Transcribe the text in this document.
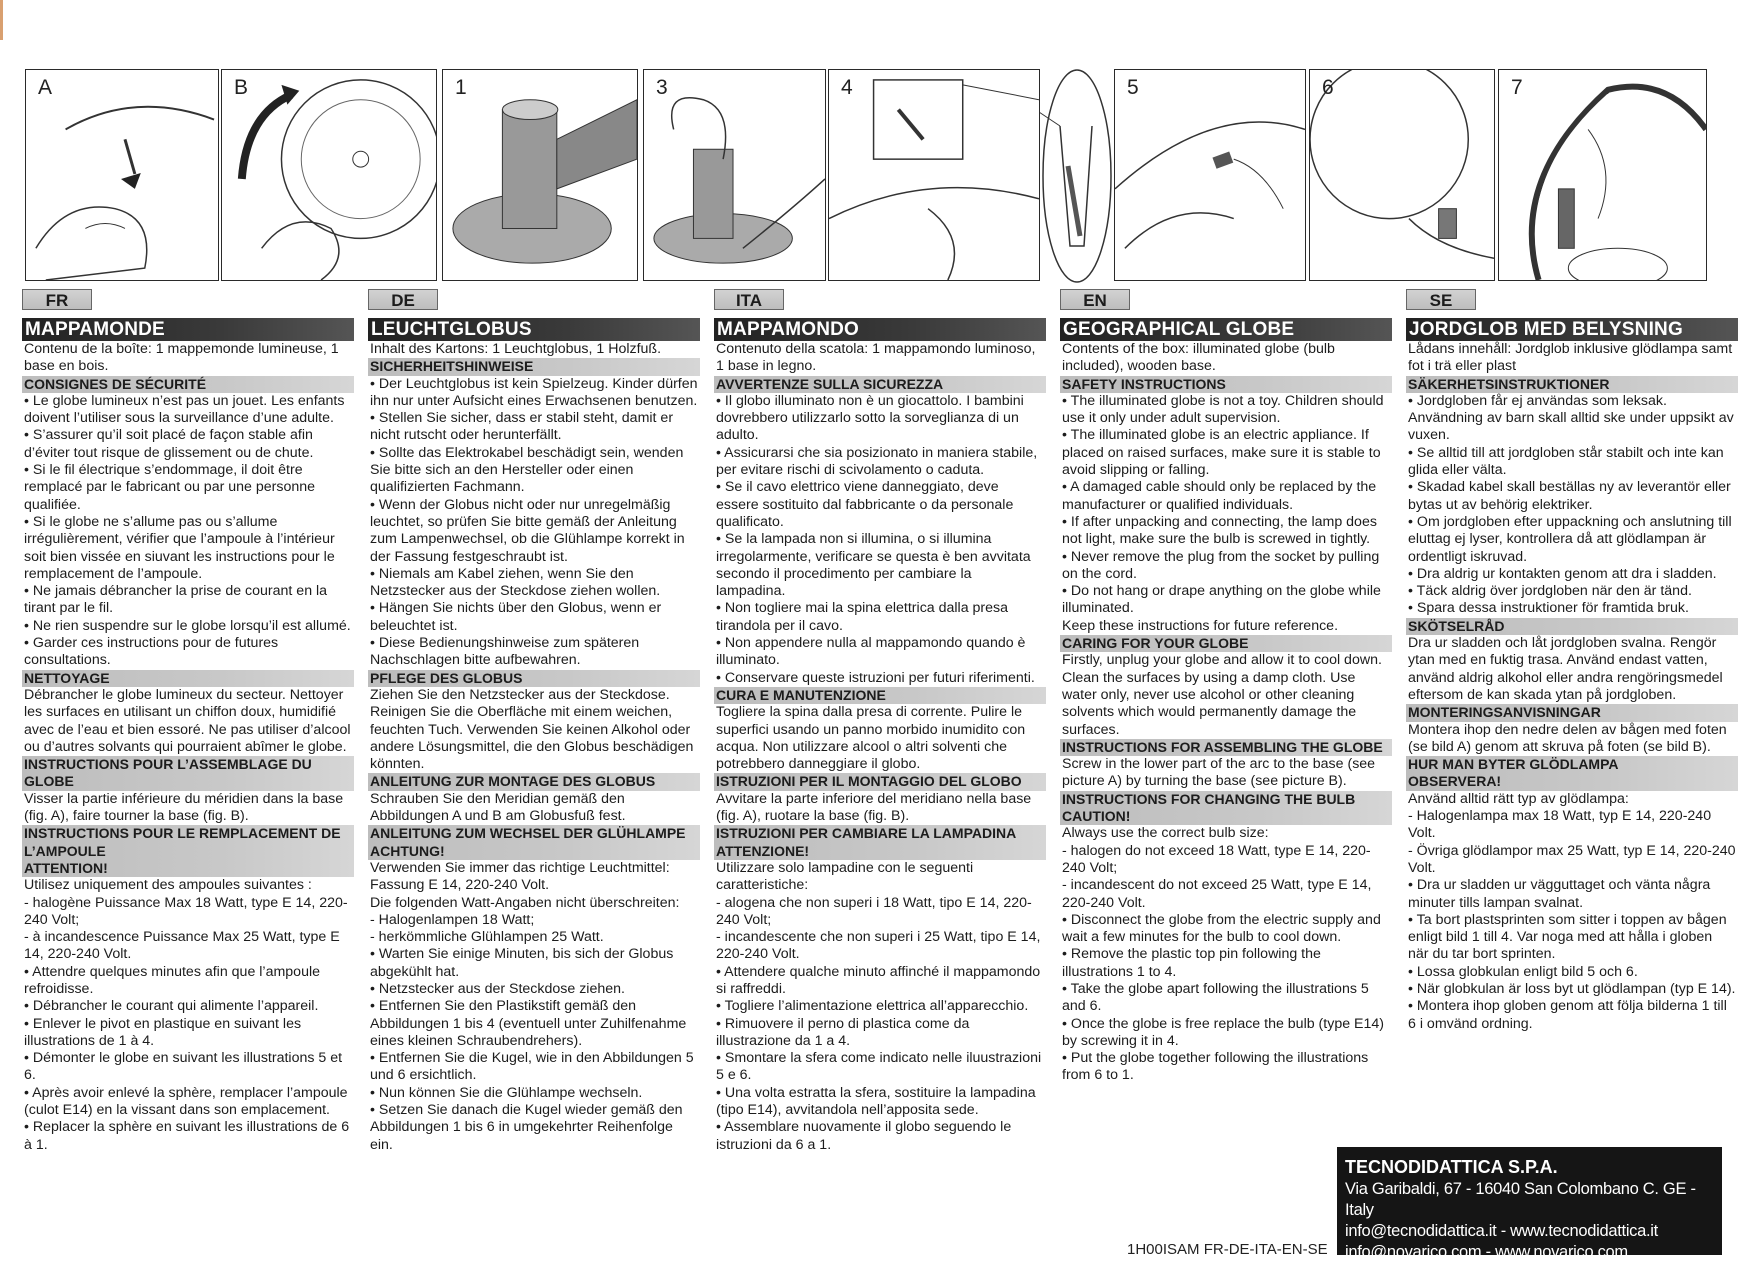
A	B	1	3	4	5	6	7
FR
MAPPAMONDE
Contenu de la boîte: 1 mappemonde lumineuse, 1 base en bois.
CONSIGNES DE SÉCURITÉ
• Le globe lumineux n’est pas un jouet. Les enfants doivent l’utiliser sous la surveillance d’une adulte.
• S’assurer qu’il soit placé de façon stable afin d’éviter tout risque de glissement ou de chute.
• Si le fil électrique s’endommage, il doit être remplacé par le fabricant ou par une personne qualifiée.
• Si le globe ne s’allume pas ou s’allume irrégulièrement, vérifier que l’ampoule à l’intérieur soit bien vissée en siuvant les instructions pour le remplacement de l’ampoule.
• Ne jamais débrancher la prise de courant en la tirant par le fil.
• Ne rien suspendre sur le globe lorsqu’il est allumé.
• Garder ces instructions pour de futures consultations.
NETTOYAGE
Débrancher le globe lumineux du secteur. Nettoyer les surfaces en utilisant un chiffon doux, humidifié avec de l’eau et bien essoré. Ne pas utiliser d’alcool ou d’autres solvants qui pourraient abîmer le globe.
INSTRUCTIONS POUR L’ASSEMBLAGE DU GLOBE
Visser la partie inférieure du méridien dans la base (fig. A), faire tourner la base (fig. B).
INSTRUCTIONS POUR LE REMPLACEMENT DE L’AMPOULE
ATTENTION!
Utilisez uniquement des ampoules suivantes :
- halogène Puissance Max 18 Watt, type E 14, 220-240 Volt;
- à incandescence Puissance Max 25 Watt, type E 14, 220-240 Volt.
• Attendre quelques minutes afin que l’ampoule refroidisse.
• Débrancher le courant qui alimente l’appareil.
• Enlever le pivot en plastique en suivant les illustrations de 1 à 4.
• Démonter le globe en suivant les illustrations 5 et 6.
• Après avoir enlevé la sphère, remplacer l’ampoule (culot E14) en la vissant dans son emplacement.
• Replacer la sphère en suivant les illustrations de 6 à 1.
DE
LEUCHTGLOBUS
Inhalt des Kartons: 1 Leuchtglobus, 1 Holzfuß.
SICHERHEITSHINWEISE
• Der Leuchtglobus ist kein Spielzeug. Kinder dürfen ihn nur unter Aufsicht eines Erwachsenen benutzen.
• Stellen Sie sicher, dass er stabil steht, damit er nicht rutscht oder herunterfällt.
• Sollte das Elektrokabel beschädigt sein, wenden Sie bitte sich an den Hersteller oder einen qualifizierten Fachmann.
• Wenn der Globus nicht oder nur unregelmäßig leuchtet, so prüfen Sie bitte gemäß der Anleitung zum Lampenwechsel, ob die Glühlampe korrekt in der Fassung festgeschraubt ist.
• Niemals am Kabel ziehen, wenn Sie den Netzstecker aus der Steckdose ziehen wollen.
• Hängen Sie nichts über den Globus, wenn er beleuchtet ist.
• Diese Bedienungshinweise zum späteren Nachschlagen bitte aufbewahren.
PFLEGE DES GLOBUS
Ziehen Sie den Netzstecker aus der Steckdose. Reinigen Sie die Oberfläche mit einem weichen, feuchten Tuch. Verwenden Sie keinen Alkohol oder andere Lösungsmittel, die den Globus beschädigen könnten.
ANLEITUNG ZUR MONTAGE DES GLOBUS
Schrauben Sie den Meridian gemäß den Abbildungen A und B am Globusfuß fest.
ANLEITUNG ZUM WECHSEL DER GLÜHLAMPE
ACHTUNG!
Verwenden Sie immer das richtige Leuchtmittel:
Fassung E 14, 220-240 Volt.
Die folgenden Watt-Angaben nicht überschreiten:
- Halogenlampen 18 Watt;
- herkömmliche Glühlampen 25 Watt.
• Warten Sie einige Minuten, bis sich der Globus abgekühlt hat.
• Netzstecker aus der Steckdose ziehen.
• Entfernen Sie den Plastikstift gemäß den Abbildungen 1 bis 4 (eventuell unter Zuhilfenahme eines kleinen Schraubendrehers).
• Entfernen Sie die Kugel, wie in den Abbildungen 5 und 6 ersichtlich.
• Nun können Sie die Glühlampe wechseln.
• Setzen Sie danach die Kugel wieder gemäß den Abbildungen 1 bis 6 in umgekehrter Reihenfolge ein.
ITA
MAPPAMONDO
Contenuto della scatola: 1 mappamondo luminoso, 1 base in legno.
AVVERTENZE SULLA SICUREZZA
• Il globo illuminato non è un giocattolo. I bambini dovrebbero utilizzarlo sotto la sorveglianza di un adulto.
• Assicurarsi che sia posizionato in maniera stabile, per evitare rischi di scivolamento o caduta.
• Se il cavo elettrico viene danneggiato, deve essere sostituito dal fabbricante o da personale qualificato.
• Se la lampada non si illumina, o si illumina irregolarmente, verificare se questa è ben avvitata secondo il procedimento per cambiare la lampadina.
• Non togliere mai la spina elettrica dalla presa tirandola per il cavo.
• Non appendere nulla al mappamondo quando è illuminato.
• Conservare queste istruzioni per futuri riferimenti.
CURA E MANUTENZIONE
Togliere la spina dalla presa di corrente. Pulire le superfici usando un panno morbido inumidito con acqua. Non utilizzare alcool o altri solventi che potrebbero danneggiare il globo.
ISTRUZIONI PER IL MONTAGGIO DEL GLOBO
Avvitare la parte inferiore del meridiano nella base (fig. A), ruotare la base (fig. B).
ISTRUZIONI PER CAMBIARE LA LAMPADINA
ATTENZIONE!
Utilizzare solo lampadine con le seguenti caratteristiche:
- alogena che non superi i 18 Watt, tipo E 14, 220-240 Volt;
- incandescente che non superi i 25 Watt, tipo E 14, 220-240 Volt.
• Attendere qualche minuto affinché il mappamondo si raffreddi.
• Togliere l’alimentazione elettrica all’apparecchio.
• Rimuovere il perno di plastica come da illustrazione da 1 a 4.
• Smontare la sfera come indicato nelle iluustrazioni 5 e 6.
• Una volta estratta la sfera, sostituire la lampadina (tipo E14), avvitandola nell’apposita sede.
• Assemblare nuovamente il globo seguendo le istruzioni da 6 a 1.
EN
GEOGRAPHICAL GLOBE
Contents of the box: illuminated globe (bulb included), wooden base.
SAFETY INSTRUCTIONS
• The illuminated globe is not a toy. Children should use it only under adult supervision.
• The illuminated globe is an electric appliance. If placed on raised surfaces, make sure it is stable to avoid slipping or falling.
• A damaged cable should only be replaced by the manufacturer or qualified individuals.
• If after unpacking and connecting, the lamp does not light, make sure the bulb is screwed in tightly.
• Never remove the plug from the socket by pulling on the cord.
• Do not hang or drape anything on the globe while illuminated.
Keep these instructions for future reference.
CARING FOR YOUR GLOBE
Firstly, unplug your globe and allow it to cool down. Clean the surfaces by using a damp cloth. Use water only, never use alcohol or other cleaning solvents which would permanently damage the surfaces.
INSTRUCTIONS FOR ASSEMBLING THE GLOBE
Screw in the lower part of the arc to the base (see picture A) by turning the base (see picture B).
INSTRUCTIONS FOR CHANGING THE BULB
CAUTION!
Always use the correct bulb size:
- halogen do not exceed 18 Watt, type E 14, 220-240 Volt;
- incandescent do not exceed 25 Watt, type E 14, 220-240 Volt.
• Disconnect the globe from the electric supply and wait a few minutes for the bulb to cool down.
• Remove the plastic top pin following the illustrations 1 to 4.
• Take the globe apart following the illustrations 5 and 6.
• Once the globe is free replace the bulb (type E14) by screwing it in 4.
• Put the globe together following the illustrations from 6 to 1.
SE
JORDGLOB MED BELYSNING
Lådans innehåll: Jordglob inklusive glödlampa samt fot i trä eller plast
SÄKERHETSINSTRUKTIONER
• Jordgloben får ej användas som leksak. Användning av barn skall alltid ske under uppsikt av vuxen.
• Se alltid till att jordgloben står stabilt och inte kan glida eller välta.
• Skadad kabel skall beställas ny av leverantör eller bytas ut av behörig elektriker.
• Om jordgloben efter uppackning och anslutning till eluttag ej lyser, kontrollera då att glödlampan är ordentligt iskruvad.
• Dra aldrig ur kontakten genom att dra i sladden.
• Täck aldrig över jordgloben när den är tänd.
• Spara dessa instruktioner för framtida bruk.
SKÖTSELRÅD
Dra ur sladden och låt jordgloben svalna. Rengör ytan med en fuktig trasa. Använd endast vatten, använd aldrig alkohol eller andra rengöringsmedel eftersom de kan skada ytan på jordgloben.
MONTERINGSANVISNINGAR
Montera ihop den nedre delen av bågen med foten (se bild A) genom att skruva på foten (se bild B).
HUR MAN BYTER GLÖDLAMPA
OBSERVERA!
Använd alltid rätt typ av glödlampa:
- Halogenlampa max 18 Watt, typ E 14, 220-240 Volt.
- Övriga glödlampor max 25 Watt, typ E 14, 220-240 Volt.
• Dra ur sladden ur vägguttaget och vänta några minuter tills lampan svalnat.
• Ta bort plastsprinten som sitter i toppen av bågen enligt bild 1 till 4. Var noga med att hålla i globen när du tar bort sprinten.
• Lossa globkulan enligt bild 5 och 6.
• När globkulan är loss byt ut glödlampan (typ E 14).
• Montera ihop globen genom att följa bilderna 1 till 6 i omvänd ordning.
TECNODIDATTICA S.P.A.
Via Garibaldi, 67 - 16040 San Colombano C. GE - Italy
info@tecnodidattica.it - www.tecnodidattica.it
info@novarico.com - www.novarico.com
1H00ISAM FR-DE-ITA-EN-SE
